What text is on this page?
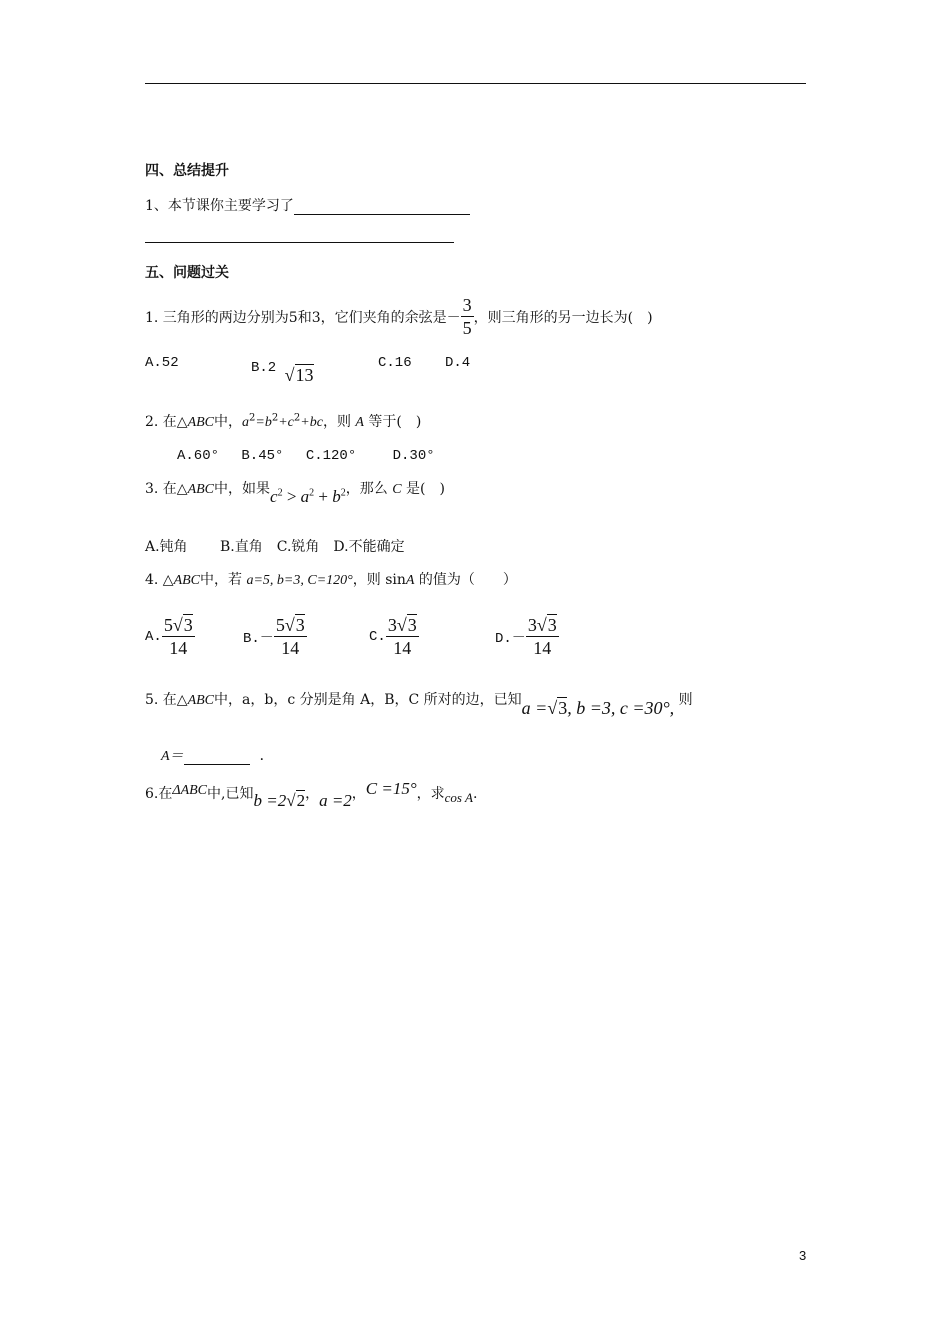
四、总结提升
1、本节课你主要学习了
五、问题过关
1. 三角形的两边分别为5和3，它们夹角的余弦是－ $\frac{3}{5}$ ，则三角形的另一边长为(　)
A.52	B.2 √13
C.16 D.4
2. 在△ABC中，$a^2=b^2+c^2+bc$，则 A 等于(　)
A.60°　 B.45°　 C.120°　　 D.30°
3. 在△ABC中，如果$c^2 > a^2 + b^2$，那么 C 是(　)
A.钝角　　 B.直角　C.锐角　D.不能确定
4. △ABC中，若 a=5, b=3, C=120°，则 sinA 的值为（　　）
A. $\frac{5√3}{14}$	$B.- \frac{5√3}{14}$	C. $\frac{3√3}{14}$	$D.- \frac{3√3}{14}$
5. 在△ABC中，a，b，c 分别是角 A，B，C 所对的边，已知a =√3, b =3, c =30°, 则
A＝	．
6.在ΔABC中,已知b =2√2，a =2，C =15°，求cos A.
3
